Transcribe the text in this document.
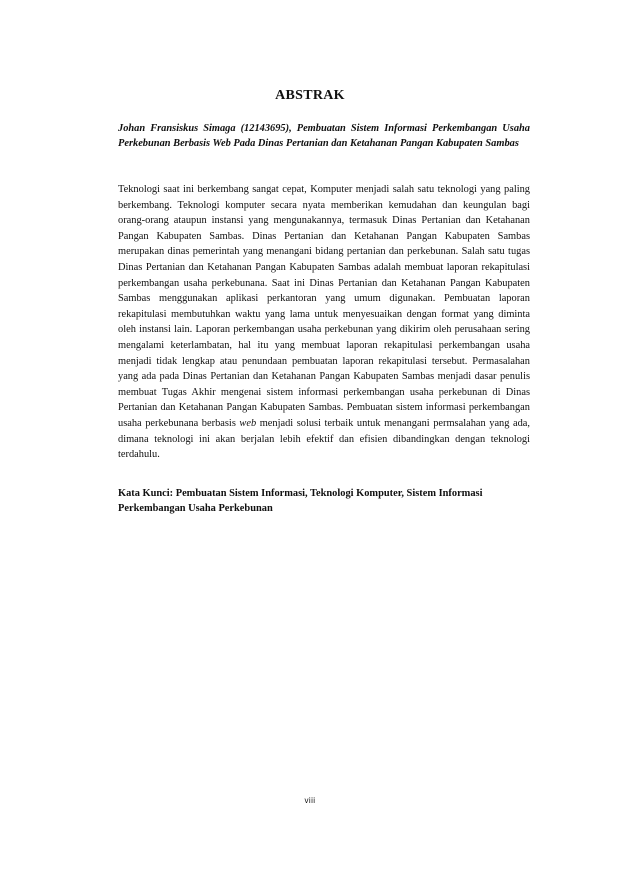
ABSTRAK
Johan Fransiskus Simaga (12143695), Pembuatan Sistem Informasi Perkembangan Usaha Perkebunan Berbasis Web Pada Dinas Pertanian dan Ketahanan Pangan Kabupaten Sambas

Teknologi saat ini berkembang sangat cepat, Komputer menjadi salah satu teknologi yang paling berkembang. Teknologi komputer secara nyata memberikan kemudahan dan keungulan bagi orang-orang ataupun instansi yang mengunakannya, termasuk Dinas Pertanian dan Ketahanan Pangan Kabupaten Sambas. Dinas Pertanian dan Ketahanan Pangan Kabupaten Sambas merupakan dinas pemerintah yang menangani bidang pertanian dan perkebunan. Salah satu tugas Dinas Pertanian dan Ketahanan Pangan Kabupaten Sambas adalah membuat laporan rekapitulasi perkembangan usaha perkebunana. Saat ini Dinas Pertanian dan Ketahanan Pangan Kabupaten Sambas menggunakan aplikasi perkantoran yang umum digunakan. Pembuatan laporan rekapitulasi membutuhkan waktu yang lama untuk menyesuaikan dengan format yang diminta oleh instansi lain. Laporan perkembangan usaha perkebunan yang dikirim oleh perusahaan sering mengalami keterlambatan, hal itu yang membuat laporan rekapitulasi perkembangan usaha menjadi tidak lengkap atau penundaan pembuatan laporan rekapitulasi tersebut. Permasalahan yang ada pada Dinas Pertanian dan Ketahanan Pangan Kabupaten Sambas menjadi dasar penulis membuat Tugas Akhir mengenai sistem informasi perkembangan usaha perkebunan di Dinas Pertanian dan Ketahanan Pangan Kabupaten Sambas. Pembuatan sistem informasi perkembangan usaha perkebunana berbasis web menjadi solusi terbaik untuk menangani permsalahan yang ada, dimana teknologi ini akan berjalan lebih efektif dan efisien dibandingkan dengan teknologi terdahulu.

Kata Kunci: Pembuatan Sistem Informasi, Teknologi Komputer, Sistem Informasi Perkembangan Usaha Perkebunan
viii
